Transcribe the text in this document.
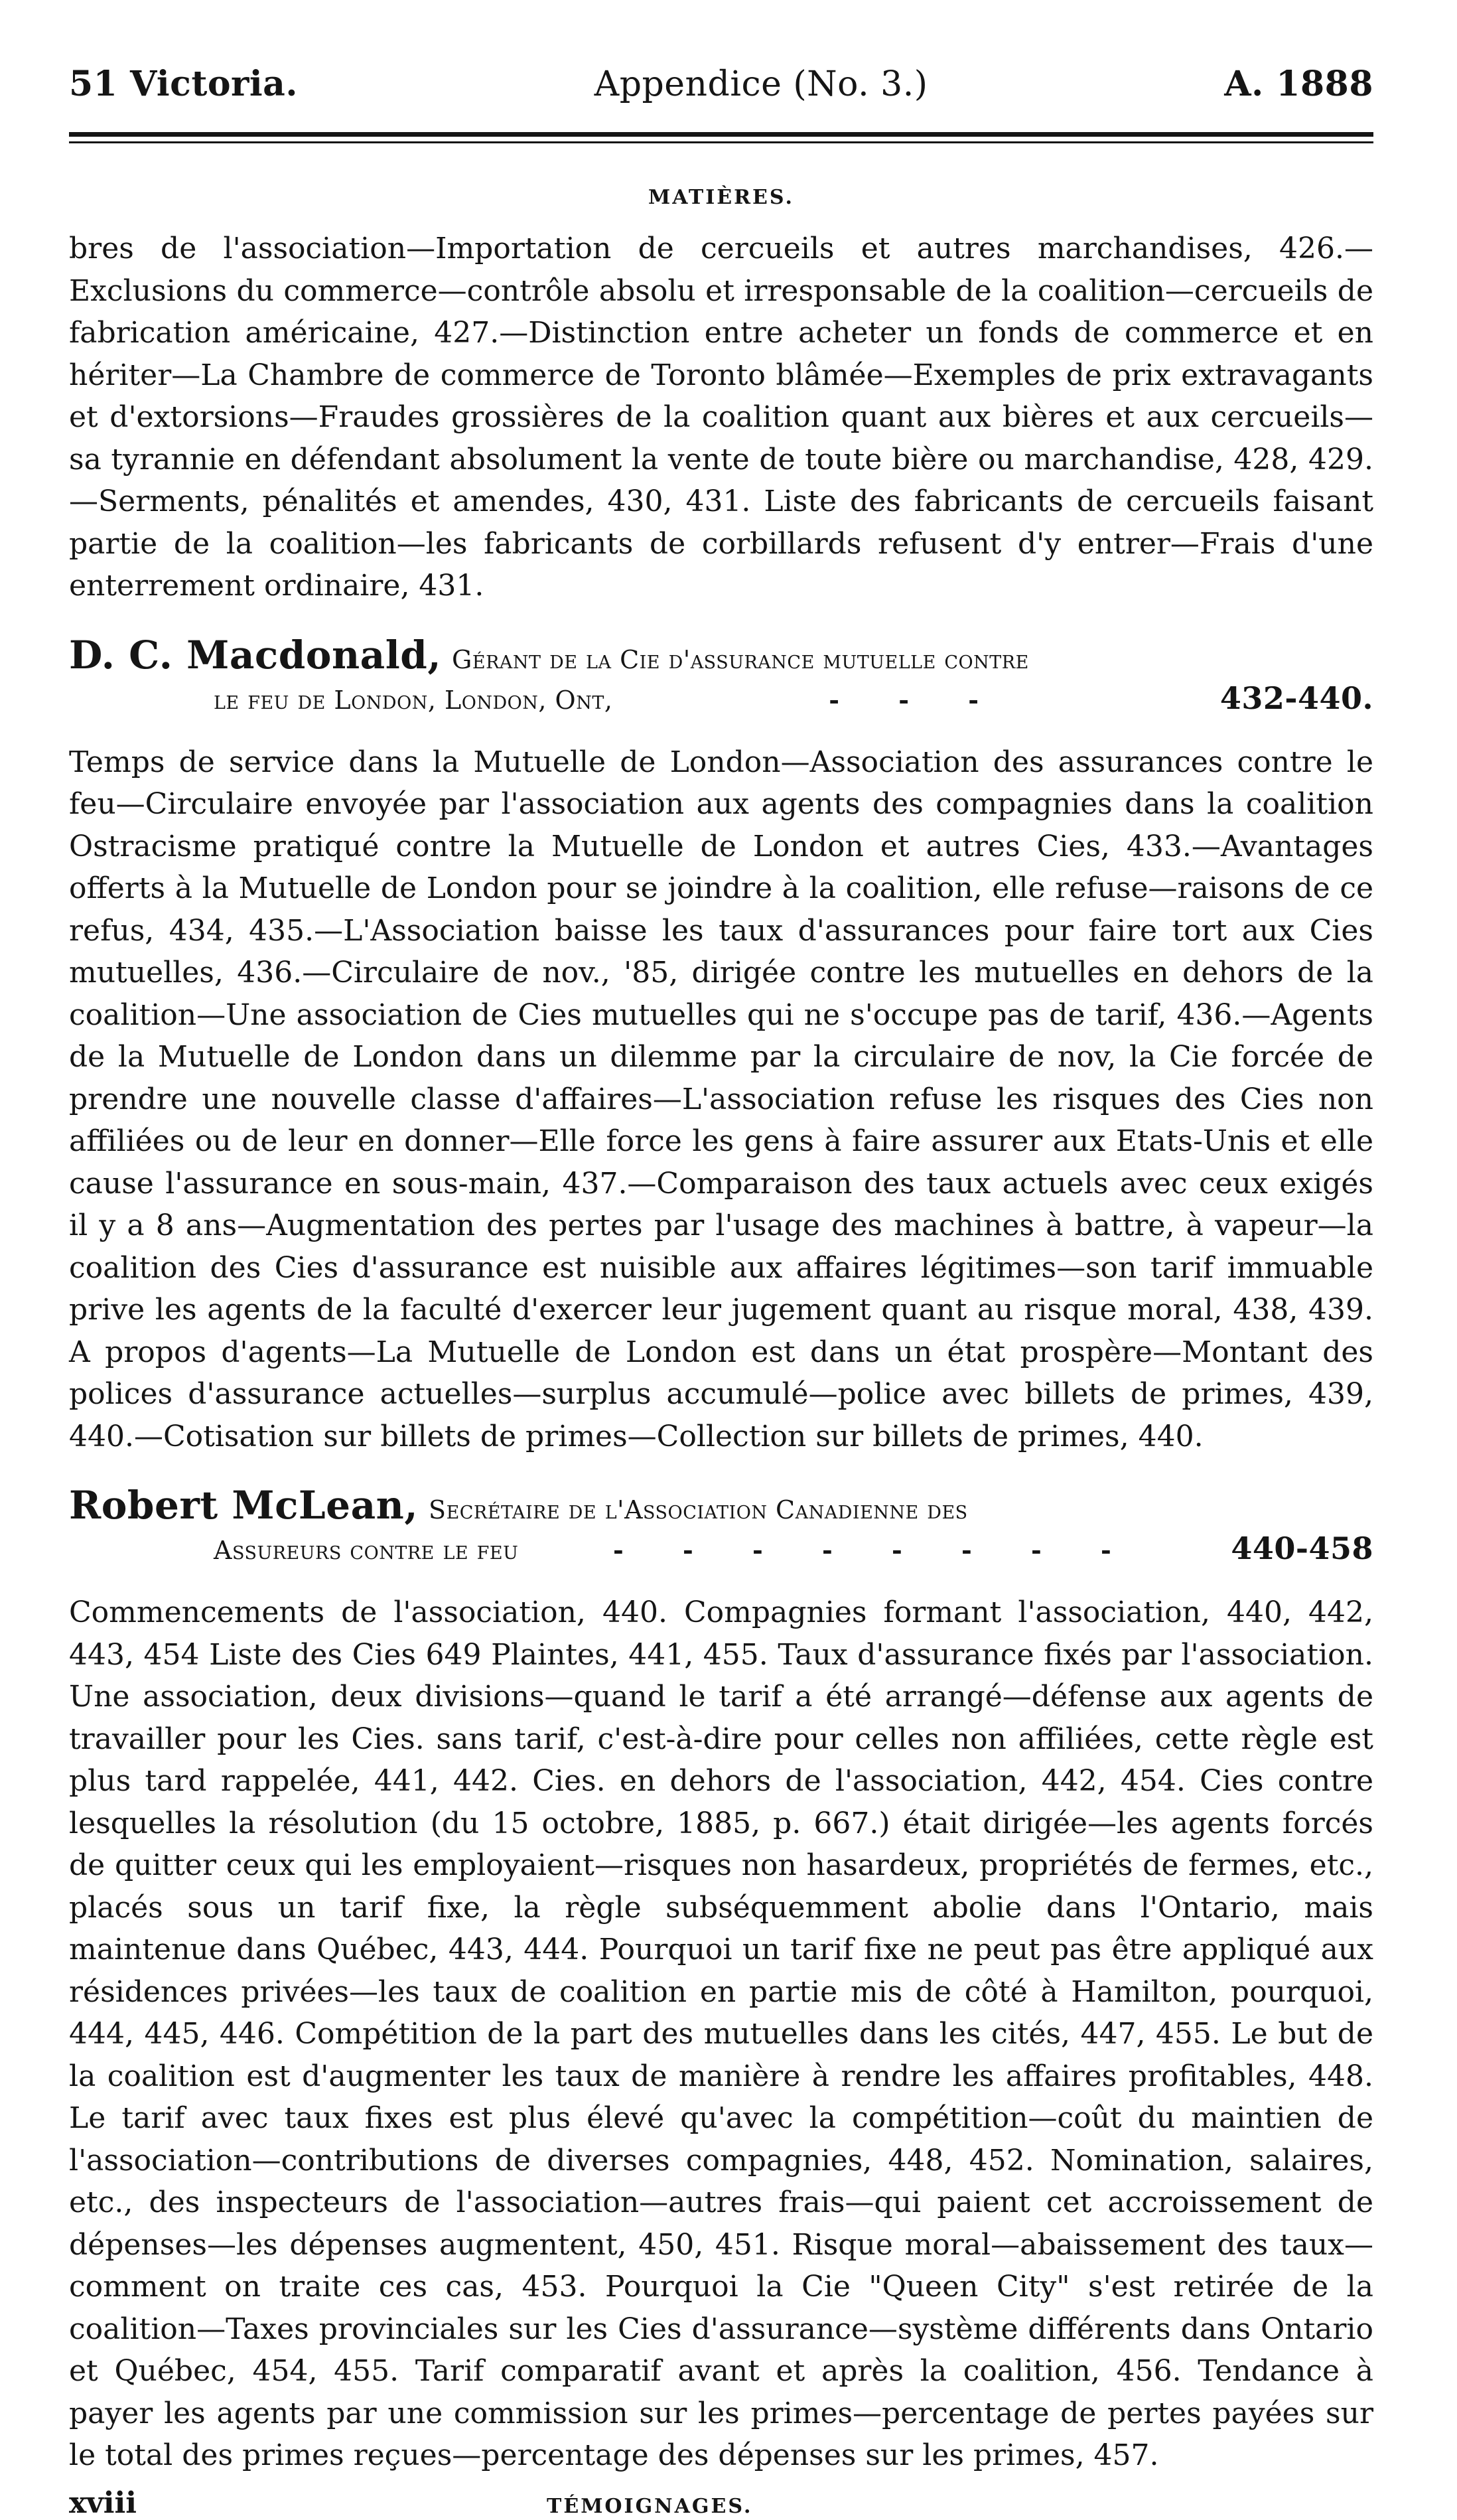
51 Victoria.	Appendice (No. 3.)	A. 1888
MATIÈRES.

bres de l'association—Importation de cercueils et autres marchandises, 426.—Exclusions du commerce—contrôle absolu et irresponsable de la coalition—cercueils de fabrication américaine, 427.—Distinction entre acheter un fonds de commerce et en hériter—La Chambre de commerce de Toronto blâmée—Exemples de prix extravagants et d'extorsions—Fraudes grossières de la coalition quant aux bières et aux cercueils—sa tyrannie en défendant absolument la vente de toute bière ou marchandise, 428, 429.—Serments, pénalités et amendes, 430, 431. Liste des fabricants de cercueils faisant partie de la coalition—les fabricants de corbillards refusent d'y entrer—Frais d'une enterrement ordinaire, 431.

D. C. Macdonald, Gérant de la Cie d'assurance mutuelle contre
le feu de London, London, Ont,	- - -	432-440.

Temps de service dans la Mutuelle de London—Association des assurances contre le feu—Circulaire envoyée par l'association aux agents des compagnies dans la coalition Ostracisme pratiqué contre la Mutuelle de London et autres Cies, 433.—Avantages offerts à la Mutuelle de London pour se joindre à la coalition, elle refuse—raisons de ce refus, 434, 435.—L'Association baisse les taux d'assurances pour faire tort aux Cies mutuelles, 436.—Circulaire de nov., '85, dirigée contre les mutuelles en dehors de la coalition—Une association de Cies mutuelles qui ne s'occupe pas de tarif, 436.—Agents de la Mutuelle de London dans un dilemme par la circulaire de nov, la Cie forcée de prendre une nouvelle classe d'affaires—L'association refuse les risques des Cies non affiliées ou de leur en donner—Elle force les gens à faire assurer aux Etats-Unis et elle cause l'assurance en sous-main, 437.—Comparaison des taux actuels avec ceux exigés il y a 8 ans—Augmentation des pertes par l'usage des machines à battre, à vapeur—la coalition des Cies d'assurance est nuisible aux affaires légitimes—son tarif immuable prive les agents de la faculté d'exercer leur jugement quant au risque moral, 438, 439. A propos d'agents—La Mutuelle de London est dans un état prospère—Montant des polices d'assurance actuelles—surplus accumulé—police avec billets de primes, 439, 440.—Cotisation sur billets de primes—Collection sur billets de primes, 440.

Robert McLean, Secrétaire de l'Association Canadienne des
Assureurs contre le feu	- - - - - - - -	440-458

Commencements de l'association, 440. Compagnies formant l'association, 440, 442, 443, 454 Liste des Cies 649 Plaintes, 441, 455. Taux d'assurance fixés par l'association. Une association, deux divisions—quand le tarif a été arrangé—défense aux agents de travailler pour les Cies. sans tarif, c'est-à-dire pour celles non affiliées, cette règle est plus tard rappelée, 441, 442. Cies. en dehors de l'association, 442, 454. Cies contre lesquelles la résolution (du 15 octobre, 1885, p. 667.) était dirigée—les agents forcés de quitter ceux qui les employaient—risques non hasardeux, propriétés de fermes, etc., placés sous un tarif fixe, la règle subséquemment abolie dans l'Ontario, mais maintenue dans Québec, 443, 444. Pourquoi un tarif fixe ne peut pas être appliqué aux résidences privées—les taux de coalition en partie mis de côté à Hamilton, pourquoi, 444, 445, 446. Compétition de la part des mutuelles dans les cités, 447, 455. Le but de la coalition est d'augmenter les taux de manière à rendre les affaires profitables, 448. Le tarif avec taux fixes est plus élevé qu'avec la compétition—coût du maintien de l'association—contributions de diverses compagnies, 448, 452. Nomination, salaires, etc., des inspecteurs de l'association—autres frais—qui paient cet accroissement de dépenses—les dépenses augmentent, 450, 451. Risque moral—abaissement des taux—comment on traite ces cas, 453. Pourquoi la Cie "Queen City" s'est retirée de la coalition—Taxes provinciales sur les Cies d'assurance—système différents dans Ontario et Québec, 454, 455. Tarif comparatif avant et après la coalition, 456. Tendance à payer les agents par une commission sur les primes—percentage de pertes payées sur le total des primes reçues—percentage des dépenses sur les primes, 457.

xviii	TÉMOIGNAGES.
